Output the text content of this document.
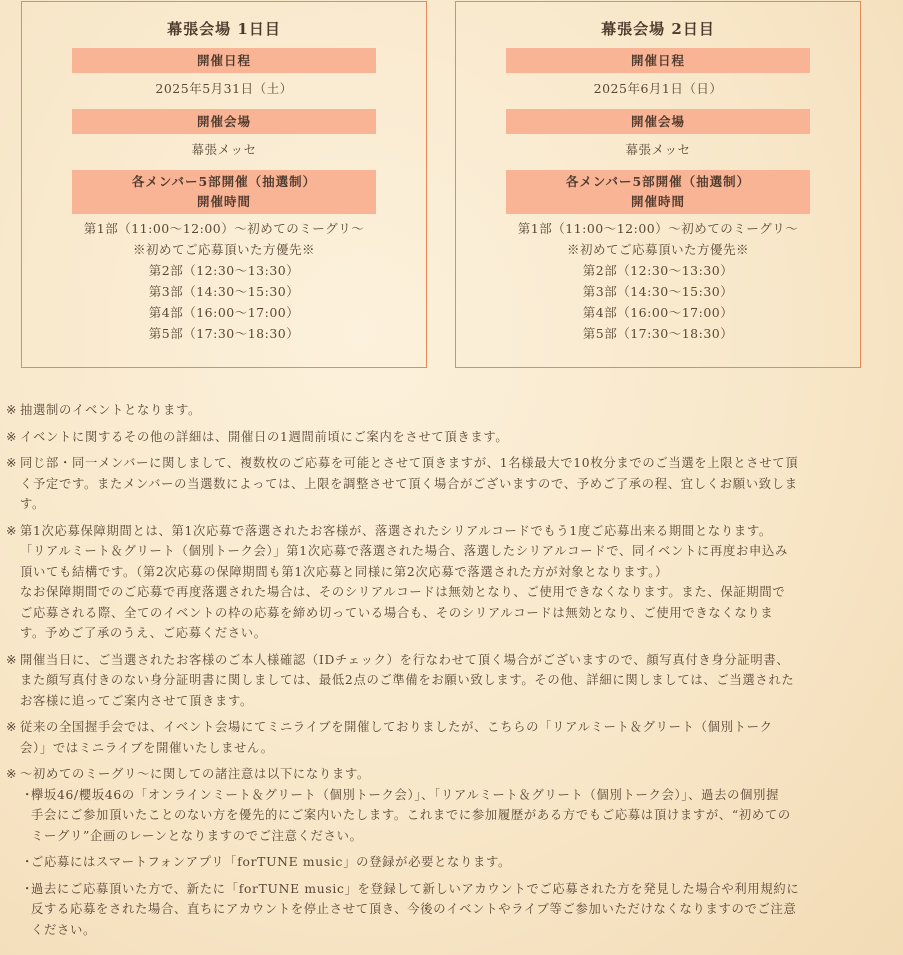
幕張会場 1日目
開催日程
2025年5月31日（土）
開催会場
幕張メッセ
各メンバー5部開催（抽選制）
開催時間
第1部（11:00～12:00）～初めてのミーグリ～
※初めてご応募頂いた方優先※
第2部（12:30～13:30）
第3部（14:30～15:30）
第4部（16:00～17:00）
第5部（17:30～18:30）
幕張会場 2日目
開催日程
2025年6月1日（日）
開催会場
幕張メッセ
各メンバー5部開催（抽選制）
開催時間
第1部（11:00～12:00）～初めてのミーグリ～
※初めてご応募頂いた方優先※
第2部（12:30～13:30）
第3部（14:30～15:30）
第4部（16:00～17:00）
第5部（17:30～18:30）
※ 抽選制のイベントとなります。
※ イベントに関するその他の詳細は、開催日の1週間前頃にご案内をさせて頂きます。
※ 同じ部・同一メンバーに関しまして、複数枚のご応募を可能とさせて頂きますが、1名様最大で10枚分までのご当選を上限とさせて頂
く予定です。またメンバーの当選数によっては、上限を調整させて頂く場合がございますので、予めご了承の程、宜しくお願い致しま
す。
※ 第1次応募保障期間とは、第1次応募で落選されたお客様が、落選されたシリアルコードでもう1度ご応募出来る期間となります。
「リアルミート＆グリート（個別トーク会）」第1次応募で落選された場合、落選したシリアルコードで、同イベントに再度お申込み
頂いても結構です。（第2次応募の保障期間も第1次応募と同様に第2次応募で落選された方が対象となります。）
なお保障期間でのご応募で再度落選された場合は、そのシリアルコードは無効となり、ご使用できなくなります。また、保証期間で
ご応募される際、全てのイベントの枠の応募を締め切っている場合も、そのシリアルコードは無効となり、ご使用できなくなりま
す。予めご了承のうえ、ご応募ください。
※ 開催当日に、ご当選されたお客様のご本人様確認（IDチェック）を行なわせて頂く場合がございますので、顔写真付き身分証明書、
また顔写真付きのない身分証明書に関しましては、最低2点のご準備をお願い致します。その他、詳細に関しましては、ご当選された
お客様に追ってご案内させて頂きます。
※ 従来の全国握手会では、イベント会場にてミニライブを開催しておりましたが、こちらの「リアルミート＆グリート（個別トーク
会）」ではミニライブを開催いたしません。
※ ～初めてのミーグリ～に関しての諸注意は以下になります。
・
欅坂46/櫻坂46の「オンラインミート＆グリート（個別トーク会）」、「リアルミート＆グリート（個別トーク会）」、過去の個別握
手会にご参加頂いたことのない方を優先的にご案内いたします。これまでに参加履歴がある方でもご応募は頂けますが、“初めての
ミーグリ”企画のレーンとなりますのでご注意ください。
・
ご応募にはスマートフォンアプリ「forTUNE music」の登録が必要となります。
・
過去にご応募頂いた方で、新たに「forTUNE music」を登録して新しいアカウントでご応募された方を発見した場合や利用規約に
反する応募をされた場合、直ちにアカウントを停止させて頂き、今後のイベントやライブ等ご参加いただけなくなりますのでご注意
ください。
